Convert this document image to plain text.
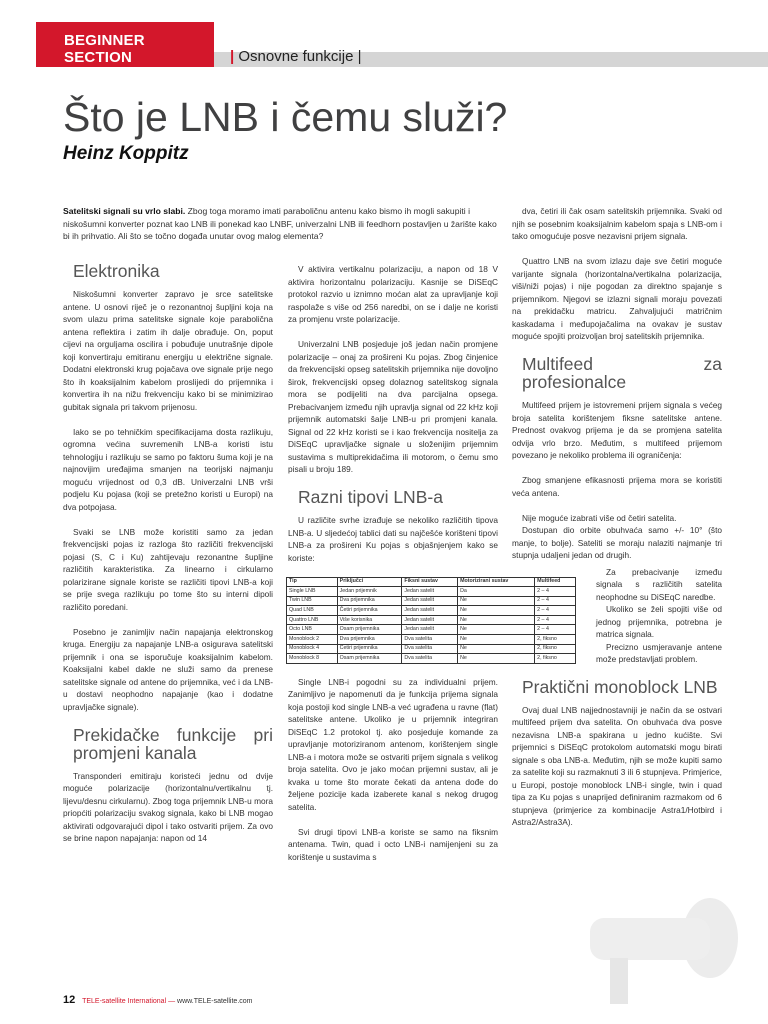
BEGINNER SECTION	| Osnovne funkcije |
Što je LNB i čemu služi?
Heinz Koppitz
Satelitski signali su vrlo slabi. Zbog toga moramo imati paraboličnu antenu kako bismo ih mogli sakupiti i niskošumni konverter poznat kao LNB ili ponekad kao LNBF, univerzalni LNB ili feedhorn postavljen u žarište kako bi ih prihvatio. Ali što se točno događa unutar ovog malog elementa?
Elektronika

Niskošumni konverter zapravo je srce satelitske antene. U osnovi riječ je o rezonantnoj šupljini koja na svom ulazu prima satelitske signale koje parabolična antena reflektira i zatim ih dalje obrađuje. On, poput cijevi na orguljama oscilira i pobuđuje unutrašnje dipole koji konvertiraju emitiranu energiju u električne signale. Dodatni elektronski krug pojačava ove signale prije nego što ih koaksijalnim kabelom proslijedi do prijemnika i konvertira ih na nižu frekvenciju kako bi se minimizirao gubitak signala pri takvom prijenosu.

Iako se po tehničkim specifikacijama dosta razlikuju, ogromna većina suvremenih LNB-a koristi istu tehnologiju i razlikuju se samo po faktoru šuma koji je na najnovijim uređajima smanjen na teorijski najmanju moguću vrijednost od 0,3 dB. Univerzalni LNB vrši podjelu Ku pojasa (koji se pretežno koristi u Europi) na dva potpojasa.

Svaki se LNB može koristiti samo za jedan frekvencijski pojas iz razloga što različiti frekvencijski pojasi (S, C i Ku) zahtijevaju rezonantne šupljine različitih karakteristika. Za linearno i cirkularno polarizirane signale koriste se različiti tipovi LNB-a koji se prije svega razlikuju po tome što su interni dipoli različito poredani.

Posebno je zanimljiv način napajanja elektronskog kruga. Energiju za napajanje LNB-a osigurava satelitski prijemnik i ona se isporučuje koaksijalnim kabelom. Koaksijalni kabel dakle ne služi samo da prenese satelitske signale od antene do prijemnika, već i da LNB-u dostavi neophodno napajanje (kao i dodatne upravljačke signale).

Prekidačke funkcije pri promjeni kanala

Transponderi emitiraju koristeći jednu od dvije moguće polarizacije (horizontalnu/vertikalnu tj. lijevu/desnu cirkularnu). Zbog toga prijemnik LNB-u mora priopćiti polarizaciju svakog signala, kako bi LNB mogao aktivirati odgovarajući dipol i tako ostvariti prijem. Za ovo se brine napon napajanja: napon od 14

V aktivira vertikalnu polarizaciju, a napon od 18 V aktivira horizontalnu polarizaciju. Kasnije se DiSEqC protokol razvio u iznimno moćan alat za upravljanje koji raspolaže s više od 256 naredbi, on se i dalje ne koristi za promjenu vrste polarizacije.

Univerzalni LNB posjeduje još jedan način promjene polarizacije – onaj za prošireni Ku pojas. Zbog činjenice da frekvencijski opseg satelitskih prijemnika nije dovoljno širok, frekvencijski opseg dolaznog satelitskog signala mora se podijeliti na dva parcijalna opsega. Prebacivanjem između njih upravlja signal od 22 kHz koji prijemnik automatski šalje LNB-u pri promjeni kanala. Signal od 22 kHz koristi se i kao frekvencija nositelja za DiSEqC upravljačke signale u složenijim prijemnim sustavima s multiprekidačima ili motorom, o čemu smo pisali u broju 189.

Razni tipovi LNB-a

U različite svrhe izrađuje se nekoliko različitih tipova LNB-a. U sljedećoj tablici dati su najčešće korišteni tipovi LNB-a za prošireni Ku pojas s objašnjenjem kako se koriste:

Tip	Priključci	Fiksni sustav	Motorizirani sustav	Multifeed
Single LNB	Jedan prijemnik	Jedan satelit	Da	2 – 4
Twin LNB	Dva prijemnika	Jedan satelit	Ne	2 – 4
Quad LNB	Četiri prijemnika	Jedan satelit	Ne	2 – 4
Quattro LNB	Više korisnika	Jedan satelit	Ne	2 – 4
Octo LNB	Osam prijemnika	Jedan satelit	Ne	2 – 4
Monoblock 2	Dva prijemnika	Dva satelita	Ne	2, fiksno
Monoblock 4	Četiri prijemnika	Dva satelita	Ne	2, fiksno
Monoblock 8	Osam prijemnika	Dva satelita	Ne	2, fiksno

Single LNB-i pogodni su za individualni prijem. Zanimljivo je napomenuti da je funkcija prijema signala koja postoji kod single LNB-a već ugrađena u ravne (flat) satelitske antene. Ukoliko je u prijemnik integriran DiSEqC 1.2 protokol tj. ako posjeduje komande za upravljanje motoriziranom antenom, korištenjem single LNB-a i motora može se ostvariti prijem signala s velikog broja satelita. Ovo je jako moćan prijemni sustav, ali je kvaka u tome što morate čekati da antena dođe do željene pozicije kada izaberete kanal s nekog drugog satelita.

Svi drugi tipovi LNB-a koriste se samo na fiksnim antenama. Twin, quad i octo LNB-i namijenjeni su za korištenje u sustavima s

dva, četiri ili čak osam satelitskih prijemnika. Svaki od njih se posebnim koaksijalnim kabelom spaja s LNB-om i tako omogućuje posve nezavisni prijem signala.

Quattro LNB na svom izlazu daje sve četiri moguće varijante signala (horizontalna/vertikalna polarizacija, viši/niži pojas) i nije pogodan za direktno spajanje s prijemnikom. Njegovi se izlazni signali moraju povezati na prekidačku matricu. Zahvaljujući matričnim kaskadama i međupojačalima na ovakav je sustav moguće spojiti proizvoljan broj satelitskih prijemnika.

Multifeed za profesionalce

Multifeed prijem je istovremeni prijem signala s većeg broja satelita korištenjem fiksne satelitske antene. Prednost ovakvog prijema je da se promjena satelita odvija vrlo brzo. Međutim, s multifeed prijemom povezano je nekoliko problema ili ograničenja:

Zbog smanjene efikasnosti prijema mora se koristiti veća antena.

Nije moguće izabrati više od četiri satelita.

Dostupan dio orbite obuhvaća samo +/- 10° (što manje, to bolje). Sateliti se moraju nalaziti najmanje tri stupnja udaljeni jedan od drugih.

Za prebacivanje između signala s različitih satelita neophodne su DiSEqC naredbe.

Ukoliko se želi spojiti više od jednog prijemnika, potrebna je matrica signala.

Precizno usmjeravanje antene može predstavljati problem.

Praktični monoblock LNB

Ovaj dual LNB najjednostavniji je način da se ostvari multifeed prijem dva satelita. On obuhvaća dva posve nezavisna LNB-a spakirana u jedno kućište. Svi prijemnici s DiSEqC protokolom automatski mogu birati signale s oba LNB-a. Međutim, njih se može kupiti samo za satelite koji su razmaknuti 3 ili 6 stupnjeva. Primjerice, u Europi, postoje monoblock LNB-i single, twin i quad tipa za Ku pojas s unaprijed definiranim razmakom od 6 stupnjeva (primjerice za kombinacije Astra1/Hotbird i Astra2/Astra3A).

12 TELE-satellite International — www.TELE-satellite.com
